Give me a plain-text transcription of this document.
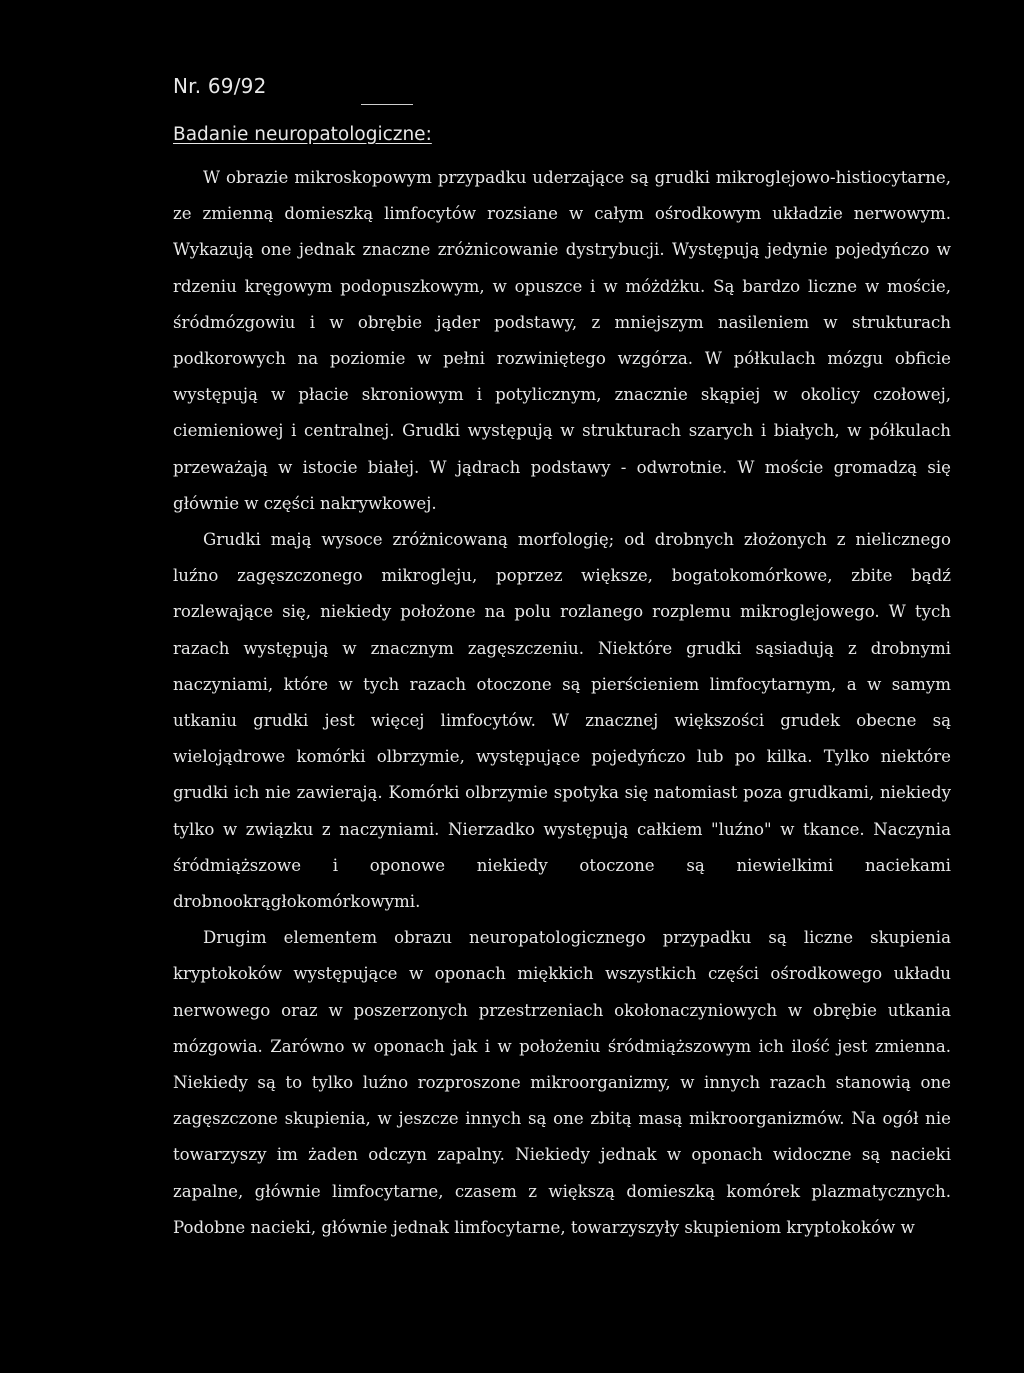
Nr. 69/92
Badanie neuropatologiczne:

W obrazie mikroskopowym przypadku uderzające są grudki mikroglejowo-histiocytarne, ze zmienną domieszką limfocytów rozsiane w całym ośrodkowym układzie nerwowym. Wykazują one jednak znaczne zróżnicowanie dystrybucji. Występują jedynie pojedyńczo w rdzeniu kręgowym podopuszkowym, w opuszce i w móżdżku. Są bardzo liczne w moście, śródmózgowiu i w obrębie jąder podstawy, z mniejszym nasileniem w strukturach podkorowych na poziomie w pełni rozwiniętego wzgórza. W półkulach mózgu obficie występują w płacie skroniowym i potylicznym, znacznie skąpiej w okolicy czołowej, ciemieniowej i centralnej. Grudki występują w strukturach szarych i białych, w półkulach przeważają w istocie białej. W jądrach podstawy - odwrotnie. W moście gromadzą się głównie w części nakrywkowej.

Grudki mają wysoce zróżnicowaną morfologię; od drobnych złożonych z nielicznego luźno zagęszczonego mikrogleju, poprzez większe, bogatokomórkowe, zbite bądź rozlewające się, niekiedy położone na polu rozlanego rozplemu mikroglejowego. W tych razach występują w znacznym zagęszczeniu. Niektóre grudki sąsiadują z drobnymi naczyniami, które w tych razach otoczone są pierścieniem limfocytarnym, a w samym utkaniu grudki jest więcej limfocytów. W znacznej większości grudek obecne są wielojądrowe komórki olbrzymie, występujące pojedyńczo lub po kilka. Tylko niektóre grudki ich nie zawierają. Komórki olbrzymie spotyka się natomiast poza grudkami, niekiedy tylko w związku z naczyniami. Nierzadko występują całkiem "luźno" w tkance. Naczynia śródmiąższowe i oponowe niekiedy otoczone są niewielkimi naciekami drobnookrągłokomórkowymi.

Drugim elementem obrazu neuropatologicznego przypadku są liczne skupienia kryptokoków występujące w oponach miękkich wszystkich części ośrodkowego układu nerwowego oraz w poszerzonych przestrzeniach okołonaczyniowych w obrębie utkania mózgowia. Zarówno w oponach jak i w położeniu śródmiąższowym ich ilość jest zmienna. Niekiedy są to tylko luźno rozproszone mikroorganizmy, w innych razach stanowią one zagęszczone skupienia, w jeszcze innych są one zbitą masą mikroorganizmów. Na ogół nie towarzyszy im żaden odczyn zapalny. Niekiedy jednak w oponach widoczne są nacieki zapalne, głównie limfocytarne, czasem z większą domieszką komórek plazmatycznych. Podobne nacieki, głównie jednak limfocytarne, towarzyszyły skupieniom kryptokoków w
